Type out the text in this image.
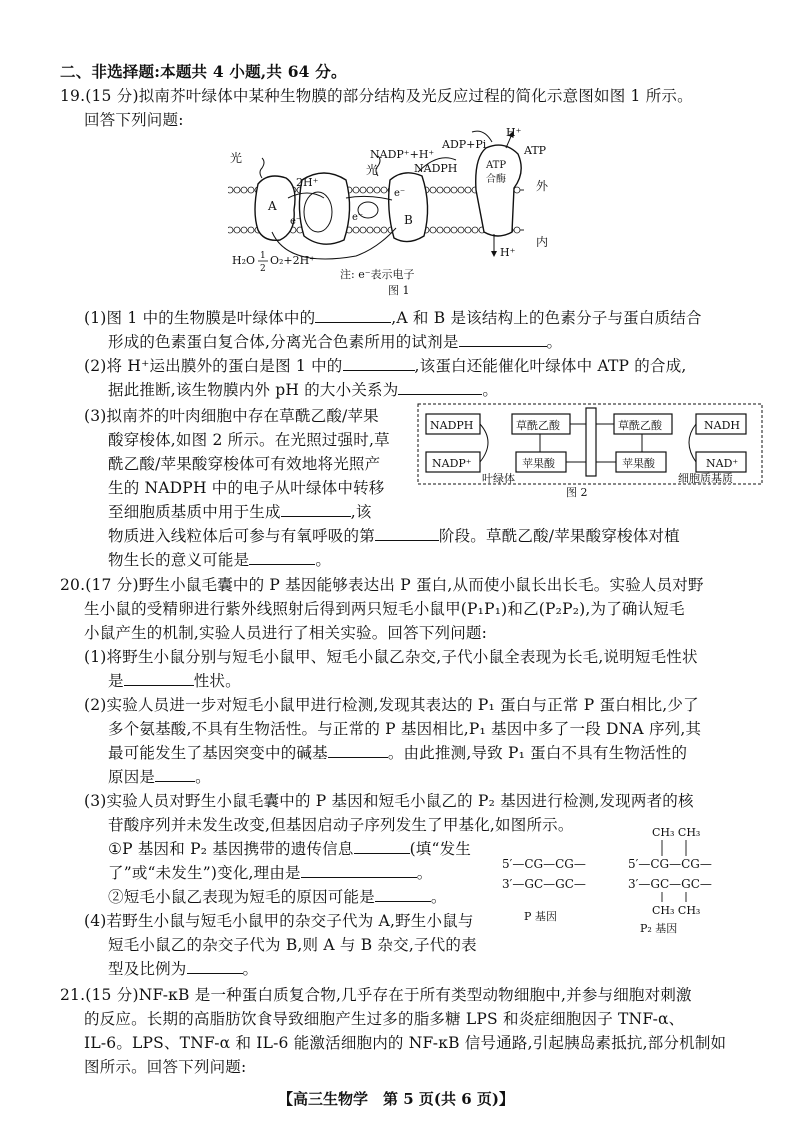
二、非选择题:本题共 4 小题,共 64 分。
19.(15 分)拟南芥叶绿体中某种生物膜的部分结构及光反应过程的简化示意图如图 1 所示。
回答下列问题:
A
B
ATP
合酶
光
光
2H⁺
NADP⁺+H⁺
NADPH
ADP+Pi	ATP
H⁺
H⁺
e⁻	e⁻
e⁻
外
内
H₂O 1
2
O₂+2H⁺
注: e⁻表示电子
图 1
(1)图 1 中的生物膜是叶绿体中的	,A 和 B 是该结构上的色素分子与蛋白质结合
形成的色素蛋白复合体,分离光合色素所用的试剂是	。
(2)将 H⁺运出膜外的蛋白是图 1 中的	,该蛋白还能催化叶绿体中 ATP 的合成,
据此推断,该生物膜内外 pH 的大小关系为	。
(3)拟南芥的叶肉细胞中存在草酰乙酸/苹果
酸穿梭体,如图 2 所示。在光照过强时,草
酰乙酸/苹果酸穿梭体可有效地将光照产
生的 NADPH 中的电子从叶绿体中转移
至细胞质基质中用于生成	,该
物质进入线粒体后可参与有氧呼吸的第	阶段。草酰乙酸/苹果酸穿梭体对植
物生长的意义可能是	。
NADPH
NADP⁺
草酰乙酸
苹果酸
草酰乙酸
苹果酸
NADH
NAD⁺
叶绿体	细胞质基质
图 2
20.(17 分)野生小鼠毛囊中的 P 基因能够表达出 P 蛋白,从而使小鼠长出长毛。实验人员对野
生小鼠的受精卵进行紫外线照射后得到两只短毛小鼠甲(P₁P₁)和乙(P₂P₂),为了确认短毛
小鼠产生的机制,实验人员进行了相关实验。回答下列问题:
(1)将野生小鼠分别与短毛小鼠甲、短毛小鼠乙杂交,子代小鼠全表现为长毛,说明短毛性状
是	性状。
(2)实验人员进一步对短毛小鼠甲进行检测,发现其表达的 P₁ 蛋白与正常 P 蛋白相比,少了
多个氨基酸,不具有生物活性。与正常的 P 基因相比,P₁ 基因中多了一段 DNA 序列,其
最可能发生了基因突变中的碱基	。由此推测,导致 P₁ 蛋白不具有生物活性的
原因是	。
(3)实验人员对野生小鼠毛囊中的 P 基因和短毛小鼠乙的 P₂ 基因进行检测,发现两者的核
苷酸序列并未发生改变,但基因启动子序列发生了甲基化,如图所示。
①P 基因和 P₂ 基因携带的遗传信息	(填“发生
了”或“未发生”)变化,理由是	。
②短毛小鼠乙表现为短毛的原因可能是	。
(4)若野生小鼠与短毛小鼠甲的杂交子代为 A,野生小鼠与
短毛小鼠乙的杂交子代为 B,则 A 与 B 杂交,子代的表
型及比例为	。
5′—CG—CG—
3′—GC—GC—
CH₃ CH₃
5′—CG—CG—
3′—GC—GC—
CH₃ CH₃
P 基因
P₂ 基因
21.(15 分)NF-κB 是一种蛋白质复合物,几乎存在于所有类型动物细胞中,并参与细胞对刺激
的反应。长期的高脂肪饮食导致细胞产生过多的脂多糖 LPS 和炎症细胞因子 TNF-α、
IL-6。LPS、TNF-α 和 IL-6 能激活细胞内的 NF-κB 信号通路,引起胰岛素抵抗,部分机制如
图所示。回答下列问题:
【高三生物学　第 5 页(共 6 页)】
